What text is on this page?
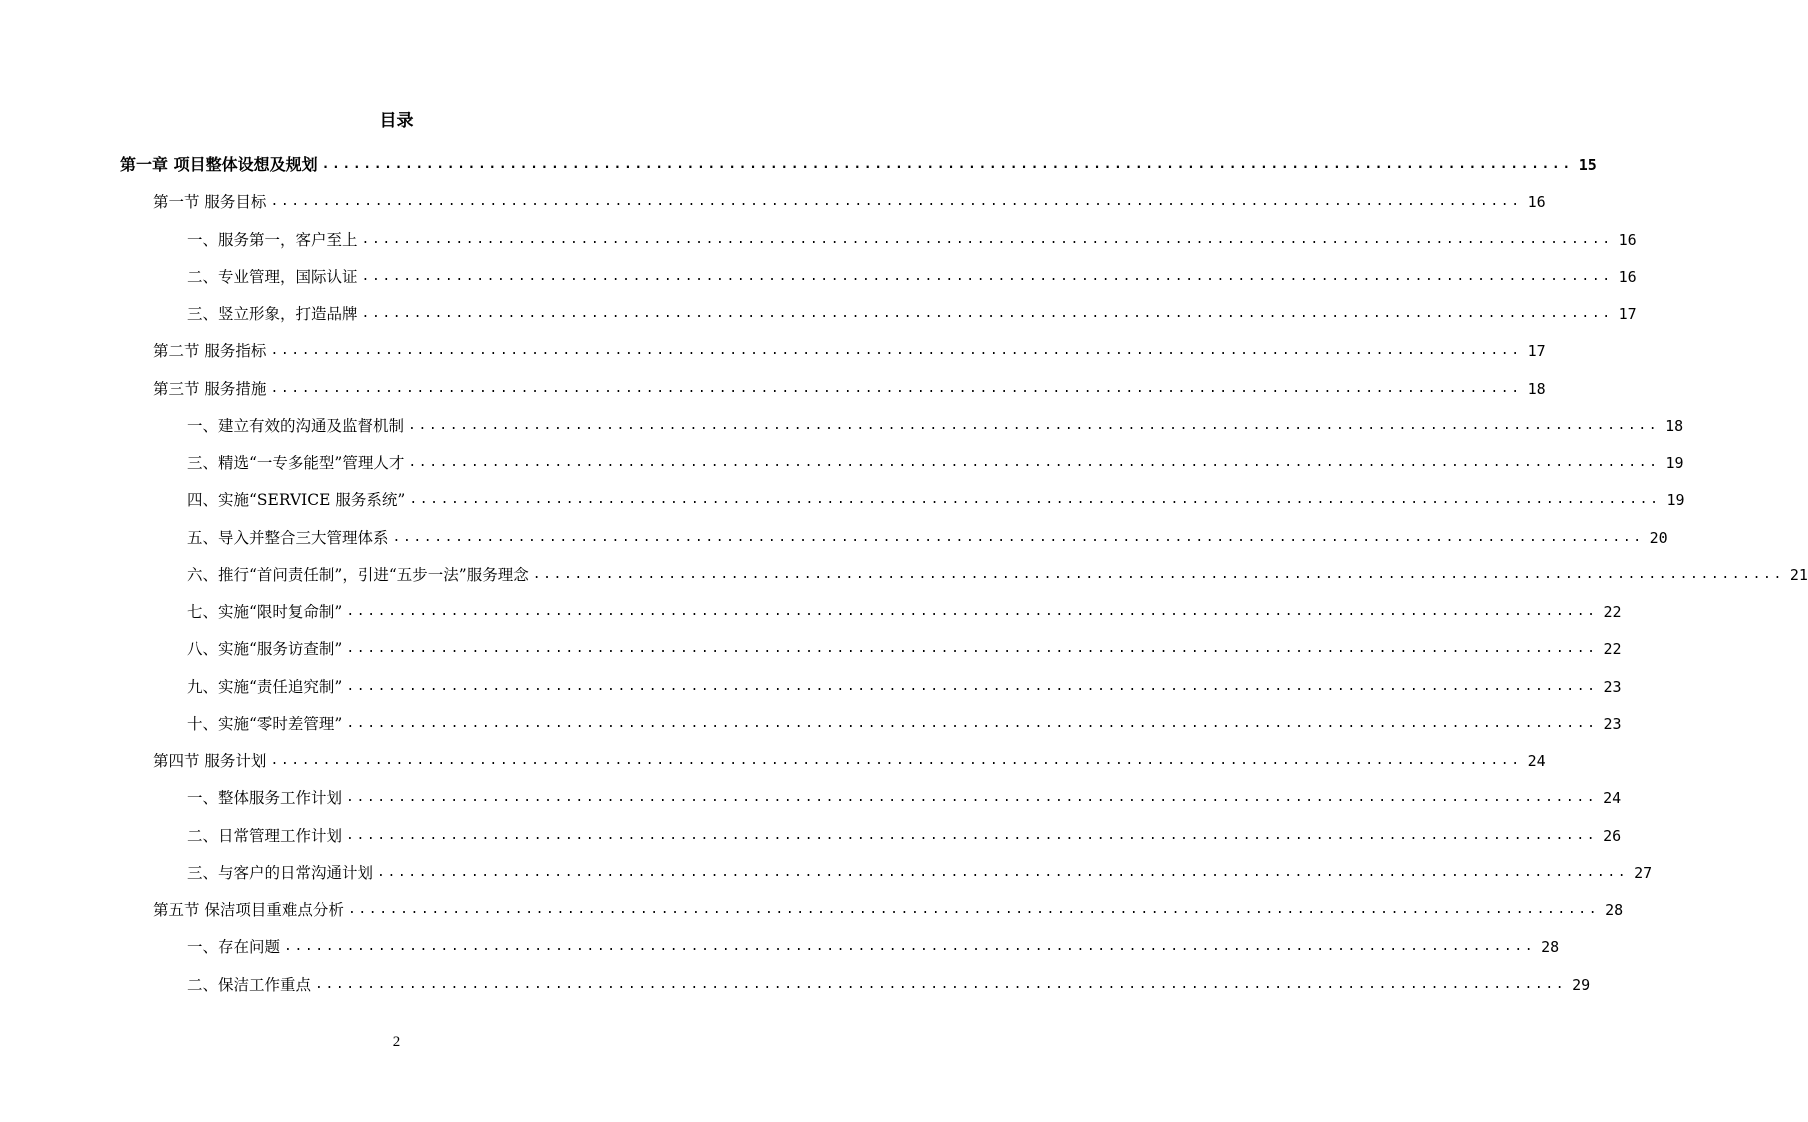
目录
第一章 项目整体设想及规划 ........................................................................................................................ 15
第一节 服务目标 ........................................................................................................................ 16
一、服务第一，客户至上 ........................................................................................................................ 16
二、专业管理，国际认证 ........................................................................................................................ 16
三、竖立形象，打造品牌 ........................................................................................................................ 17
第二节 服务指标 ........................................................................................................................ 17
第三节 服务措施 ........................................................................................................................ 18
一、建立有效的沟通及监督机制 ........................................................................................................................ 18
三、精选“一专多能型”管理人才 ........................................................................................................................ 19
四、实施“SERVICE 服务系统” ........................................................................................................................ 19
五、导入并整合三大管理体系 ........................................................................................................................ 20
六、推行“首问责任制”，引进“五步一法”服务理念 ........................................................................................................................ 21
七、实施“限时复命制” ........................................................................................................................ 22
八、实施“服务访查制” ........................................................................................................................ 22
九、实施“责任追究制” ........................................................................................................................ 23
十、实施“零时差管理” ........................................................................................................................ 23
第四节 服务计划 ........................................................................................................................ 24
一、整体服务工作计划 ........................................................................................................................ 24
二、日常管理工作计划 ........................................................................................................................ 26
三、与客户的日常沟通计划 ........................................................................................................................ 27
第五节 保洁项目重难点分析 ........................................................................................................................ 28
一、存在问题 ........................................................................................................................ 28
二、保洁工作重点 ........................................................................................................................ 29
2
